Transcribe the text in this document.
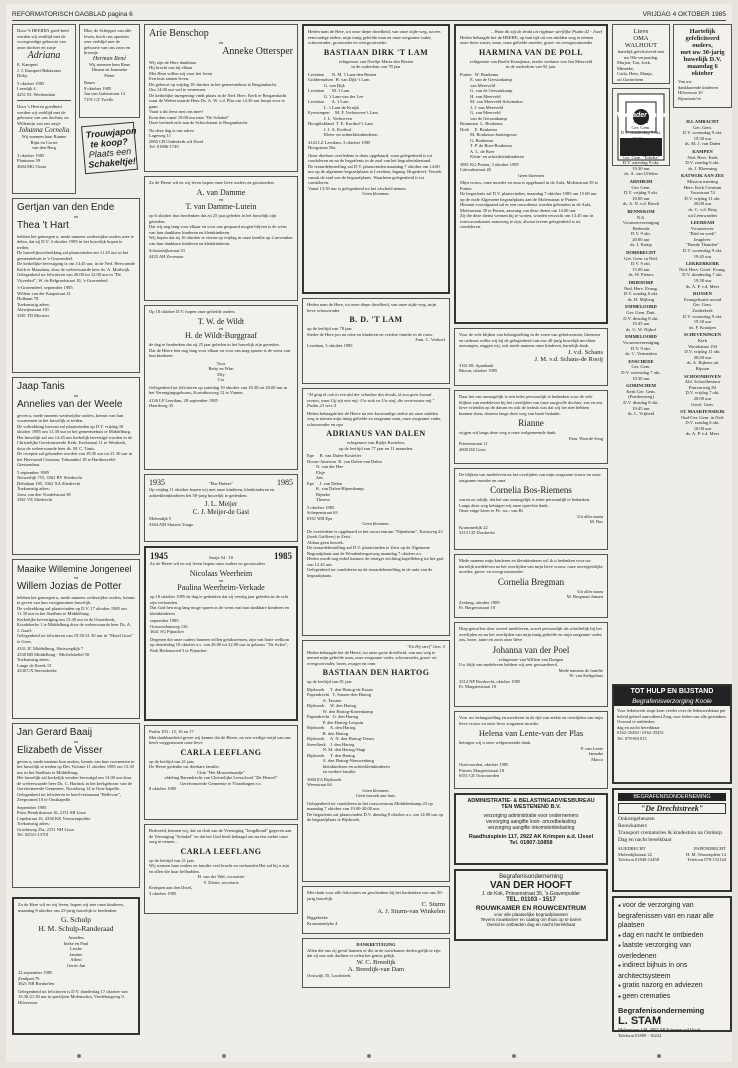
REFORMATORISCH DAGBLAD pagina 6	VRIJDAG 4 OKTOBER 1985
Door 'S HEEREN goed-heid werden wij verblijd met de voorspoedige geboorte van onze dochter en zusje
Adriana
E. Kamperi
J. J. Kamperi-Bakkeraas
Dirky
5 oktober 1985
Leerdijk 4
4251 EL Werkendam
Door 's Heeren goedheid werden wij verblijd met de geboorte van ons dochter, en Willemijn van ons zusje
Johanna Cornelia
Wij noemen haar Rianne
Rijnt en Corrie
van den Berg
3 oktober 1985
Plantsoen 59
3604 MG Oosta
Blut, de Schepper van alle leven, hoeft ons opnieuw zeer verblijd met de geboorte van ons zoon en broertje
Herman René
Wij noemen hem Rene
Dinant en Jeannette
Pieter
Baarn
9 oktober 1985
Jan van Galenstraat 14
7191 CZ Twello
Trouwjapon
te koop?
Plaats een
Schakeltje!
Gertjan van den Ende
en
Thea 't Hart
hebben het genoegen u, mede namens wederzijdse ouders mee te delen, dat zij D.V. 4 oktober 1985 in het huwelijk hopen te treden.
De huwelijksvoltrekking zal plaatsvinden om 11.45 uur in het gemeentehuis te 's-Gravendeel.
De kerkelijke bevestiging is om 14.45 uur, in de Ned. Hervormde Kerk te Maasdam, door de weleerwaarde heer ds. A. Muilwijk.
Gelegenheid tot feliciteren van 20.00 tot 22.00 uur in "De Vijverhof", W. de Belgraafstraat 10, 's-Gravendeel.
's-Gravendeel, september 1985
Willem van der Kaapstraat 31
Hofhaan 78
Toekomstig adres:
Alewijnstraat 101
3381 TD Mooster
Jaap Tanis
en
Annelies van der Weele
geven u, mede namens wederzijdse ouders, kennis van hun voornemen in het huwelijk te treden.
De voltrekking hiervan zal plaatsvinden op D.V. vrijdag 18 oktober 1985 om 13.30 uur in het gemeentehuis te Middelburg.
Het huwelijk zal om 14.45 uur kerkelijk bevestigd worden in de Christelijke Gereformeerde Kerk, Kerkstraat 11 te Westkerk, door de weleerwaarde heer ds. M. C. Tanis.
De receptie zal gehouden worden van 19.45 uur tot 21.30 uur in het Hervormd Centrum, Tolmanhof 18 te Hardinxveld-Giessendam.
5 september 1985
Niewerlijk 755, 3361 BV Sliedrecht
Deltalaan 105, 3362 XA Sliedrecht
Toekomstig adres:
Joost van den Vondelstraat 38
3361 VE Sliedrecht
Maaike Willemine Jongeneel
en
Willem Jozias de Potter
hebben het genoegen u, mede namens wederzijdse ouders, kennis te geven van hun voorgenomen huwelijk.
De voltrekking zal plaatsvinden op D.V. 17 oktober 1985 om 11.30 uur in het Stadhuis te Middelburg.
Kerkelijke bevestiging om 13.30 uur in de Oosterkerk, Koudekerke 1 te Middelburg door de weleerwaarde heer Ds. A. J. Gaaff.
Gelegenheid tot feliciteren van 19.30-21.30 uur in "Motel Goes" te Goes.
4331 JC Middelburg, Sluiswegdijk 7
4330 RB Middelburg - Michelsbeltel 50
Toekomstig adres:
Lange de Kreek 13
4330 CX Serooskerke
Jan Gerard Baaij
en
Elizabeth de Visser
geven u, mede namens hun ouders, kennis van hun voornemen in het huwelijk te treden op Dev Volonte 11 oktober 1985 om 13.30 uur in het Stadhuis te Middelburg.
Het huwelijk zal kerkelijk worden bevestigd om 14.00 uur door de weleerwaarde heer Ds. C. Harinck in het kerkgebouw van de Gereformeerde Gemeente, Noordweg 14 te Oost-kapelle.
Gelegenheid tot feliciteren in hotel-restaurant "Bellevue", Zeepromed 10 te Oostkapelle.
September 1985
Prins Hendrikstraat 16, 2151 SB Lisse
Lepelstraat 16, 4356 KK Vrouwenpolder
Toekomstig adres:
Grachtweg 25a, 2151 NH Lisse
Tel. 02521-13701
Zo de Here wil en wij leven, hopen wij met onze kinderen, maandag 8 oktober ons 25-jarig huwelijk te herdenken.
G. Schulp
H. M. Schulp-Randeraad
Annelies
Ineke en Paul
Liesbe
Jantine
Albert
Gerrit-Jan
22 september 1985
Zendpad 76
3621 NB Breukelen
Gelegenheid tot feliciteren is D.V. donderdag 17 oktober van 15.30-21.30 uur in paviljoen Molenschot, Vredeburgweg 9, Hilversum.
Arie Benschop
en
Anneke Ottersper
Wij zijn de Here dankbaar
Hij bracht ons bij elkaar
Met Hem willen wij voor het leven
Een huis samen leven.
Dit gebeurt op vrijdag 18 oktober in het gemeentehuis te Bergambacht.
Om 14.00 uur wel te vernemen.
De kerkelijke inzegening vindt plaats in de Ned. Herv. Kerk te Bergambacht waar de Weleerwaarde Heer Ds. A. W. v.d. Plas om 14.30 uur hoopt voor te gaan.
Vaart u dit feest met ons mee?
Kom dan vanaf 19.00 uur naar "De Schakel"
Deze bevindt zich aan de Schoolstraat te Bergambacht.
Na deze dag is ons adres:
Lageweg 11
2865 CB Ouderkerk a/d IJssel
Tel. 01806-1749
Zo de Heere wil en wij leven hopen onze lieve ouders en grootouders
A. van Damme
en
T. van Damme-Lutein
op 6 oktober hun herdenken dat zij 25 jaar geleden in het huwelijk zijn getreden.
Dat wij nog lang voor elkaar en voor ons gespaard mogen blijven is de wens van hun dankbare kinderen en kleinkinderen.
Wij hopen dat zij 16 oktober te vieren op vrijdag in onze familie op 2 november van hun dankbare kinderen en kleinkinderen.
Schoonbijkstraat 53
4435 AH Zevenaar
Op 18 oktober D.V. hopen onze geliefde ouders
T. W. de Wildt
en
H. de Wildt-Burggraaf
de dag te herdenken dat zij 25 jaar geleden in het huwelijk zijn getreden.
Dat de Heere hen nog lang voor elkaar en voor ons mag sparen is de wens van hun kinderen
Toos
Betty en Wim
Elly
Cor
Gelegenheid tot feliciteren op zaterdag 19 oktober van 18.30 tot 20.00 uur in het Verenigingsgebouw, Korinthosweg 12 te Vianen.
4126 LP Leerdam, 28 september 1985
Haardweg 35
1935	"Ebe Haëzer"	1985
Op vrijdag 11 oktober hopen wij met onze kinderen, kleinkinderen en achterkleinkinderen het 50-jarig huwelijk te gedenken.
J. L. Meijer
C. J. Meijer-de Gast
Molendijk 5
3364 AM Sluizen Tungo
1945	Jesaja 54 : 10	1985
Zo de Heere wil en wij leven hopen onze ouders en grootouders
Nicolaas Weerheim
en
Paulina Weerheim-Verkade
op 10 oktober 1985 de dag te gedenken dat zij veertig jaar geleden in de echt zijn verbonden.
Dat God hen nog lang moge sparen is de wens van hun dankbare kinderen en kleinkinderen
september 1985
Oostzeedamweg 136
3641 SG Pijnacker
Degenen die onze ouders hunnen willen gelukwensen, zijn van harte welkom op donderdag 10 oktober a.s. van 20.00 tot 22.00 uur in gebouw "De Acker", Park Berkenzoed 5 te Pijnacker.
Psalm 103 : 15, 16 en 17
Met dankbaarheid geven wij kennis dat de Heere, na een vredige strijd van ons heeft weggenomen onze lieve
CARLA LEEFLANG
op de leeftijd van 21 jaar.
De Heere gedenke uw dierbare familie.
Club "Het Mosterdzaadje"
afdeling Barendrecht van Christelijke Leerschool "De Heuvel"
Gereformeerde Gemeente te Vlaardingen e.o.
8 oktober 1985
Bedroefd, kennen wij, dat en club van de Vereniging "Jeugdbond" gegeven aan de Vereniging "Schakel" en dat het God heeft behaagd om na een ziekte onze zorg te nemen...
CARLA LEEFLANG
op de leeftijd van 21 jaar.
Wij wensen haar ouders en familie veel kracht en verbonden Het zal bij u zijn en allen die haar liefhadden.
H. van der Wal, voorzitter
V. Dieter, secretaris
Krimpen aan den IJssel,
3 oktober 1985
Heden nam de Here, tot onze diepe droefheid, van onze zijde weg, na een eenvoudige ziekte, mijn innig geliefde man en onze zorgzame vader, schoonvader, grootvader en overgrootvader
BASTIAAN DIRK 'T LAM
echtgenoot van Neeltje Maria den Besten
in de ouderdom van 78 jaar
Leerdam       N. M. 't Lam-den Besten
Goldermalsen  H. van Dijk-'t Lam
G. van Dijk
Leerdam       M. 't Lam
G. 't Lam-van der Lee
Leerdam       A. 't Lam
L. 't Lam-de Kruijk
Eyewimpen     M. F. Verhoeven-'t Lam
J. L. Verhoeven
Hoogblokland  T. E. Korthof-'t Lam
J. J. A. Korthof
Klein- en achterkleinkinderen
4143 LZ Leerdam, 3 oktober 1985
Hoogstraat 56a
Onze dierbare overledene is thuis opgebaard, waar gelegenheid is tot condoleren en na de begrafenis in de zaal van het begrafenisbestand.
De teraardebestelling zal D.V. plaatsvinden maandag 7 oktober om 14.00 uur op de algemene begraafplaats te Leerdam, Ingang: Hogedreef. Vertrek vanuit de zaal van de begraafplaats. Waarheen gelegenheid is tot condoleren.
Vanaf 13.30 uur is gelegenheid tot het afscheid nemen.
Geen bloemen.
Heden nam de Here, tot onze diepe droefheid, van onze zijde weg, mijn lieve schoonvader
B. D. 'T LAM
op de leeftijd van 78 jaar
Sterke de Here jou nu reise en kinderen en verdere familie in de rouw.
Fam. C. Verhoef
Leerdam, 3 oktober 1985
"Al ging ik ook in een dal der schaduw des doods, ik zou geen kwaad vrezen, want Gij zijt met mij: Uw stok en Uw staf, die vertroosten mij."
Psalm 23 vers 4
Heden behaagde het de Heere na een korstondige ziekte uit onze midden weg te nemen mijn innig geliefde en zorgzame man, onze zorgzame vader, schoonvader en opa
ADRIANUS VAN DALEN
echtgenoot van Rijdje Kostelier,
op de leeftijd van 77 jaar en 11 maanden.
Epe     R. van Dalen-Kostelier
Doorn-Amerom  R. van Dalen-van Dalen
N. van der Hee
Elsje
Ans
Epe     J. van Dalen
K. van Dalen-Hijnenkamp
Rijneke
Therese
3 oktober 1985
Schepenstraat 63
8161 WB Epe
Geen bloemen.
De overledene is opgebaard in het rouwcentrum "Nijenheim", Kruisweg 23 (hoek Griffieer) te Zeist.
Aldaar geen bezoek.
De teraardebestelling zal D.V. plaatsvinden te Zeist op de Algemene Begraafplaats aan de Woudenbergseweg maandag 7 oktober a.s.
Heden wordt nog enkel kantoor de reiziger stichting kapelleberg tot het graf van 12.45 uur.
Gelegenheid tot condoleren na de teraardebestelling in de aula van de begraafplaats.
"En Hij sterf" Gen. 5
Heden behaagde het de Heere, tot onze grote droefheid, van ons weg te nemen mijn geliefde man, onze zorgzame vader, schoonvader, groot- en overgrootvader, broer, zwager en oom
BASTIAAN DEN HARTOG
op de leeftijd van 81 jaar
Rijsbroek     T. den Hartog-de Kraan
Papendrecht   T. Sassen-den Hartog
A. Tassner
Rijsbroek     W. den Hartog
W. den Hartog-Kortenkamp
Papendrecht   G. den Hartog
P. den Hartog-Lesquin
Rijsbroek     A. den Hartog
R. den Hartog
Rijsbroek     A. N. den Hartog-Teeuw
Streefkerk    J. den Hartog
N. M. den Hartog-Slagt
Rijsbroek     T. den Hartog
A. den Hartog-Nieuwenburg
kleinkinderen en achterkleinkinderen
en verdere familie
3060 EA Rijsbroek
Weerstraat 64
Geen bloemen.
Geen bezoek aan huis.
Gelegenheid tot condoleren in het rouwcentrum Middelenkamp 23 op maandag 7 oktober van 19.00-20.00 uur.
De begrafenis zal plaatsvinden D.V. dinsdag 8 oktober a.s. om 14.00 uur op de begraafplaats te Rijsbroek.
Met dank voor alle felicitaties en geschenken bij het herdenken van ons 50-jarig huwelijk.
C. Sturm
A. J. Sturm-van Winkelen
Riggekerke
Krommendyke 4
DANKBETUIGING
Allen die ons zij geval hunnen of die in de rouwkamer deden gelijk te zijn dat zij ons ook dachten er velen het gemis gelijk.
W. C. Breedijk
A. Breedijk-van Dam
Oostwijk 35, Loosbroek
...Want dit zijt de drukt uit rijgbaar sterflijke Psalm 42 - Jozef
Heden behaagde het de HEERE, op hun tijd uit ons midden weg te nemen onze lieve zuster, tante, onze geliefde moeder, groot- en overgrootmoeder
HARMINA VAN DE POLL
echtgenote van Roelie Kraaijema, eerder weduwe van Jan Meerveld
in de ouderdom van 92 jaar.
Putten   W. Boukema
E. van de Gerssinkamp
van Meerveld
G. van de Gerssinkamp
H. van Meerveld
M. van Meerveld-Schomaker
J. J. van Meerveld
G. van Meerveld
van de Gerssinkamp
Brummen  L. Boukema
Doth     E. Boukema
M. Boukema-Jonkergouw
G. Boukema
T. P. de Boer-Boukema
A. L. de Boer
Klein- en achterkleinkinderen
3881 KG Putten, 3 oktober 1985
Calorathstraat 40
Geen bloemen
Mijn vrouw, onze moeder en oma is opgebaard in de Aula, Molenstraat 39 te Putten.
De begrafenis zal D.V. plaatsvinden, maandag 7 oktober 1985 om 15.00 uur op de oude Algemene begraafplaats aan de Molenstraat te Putten.
Hieraan voorafgaand zal er een rouwdienst worden gehouden in de Aula, Molenstraat 39 te Putten, aanvang van deze dienst om 14.00 uur.
Zij die deze dienst wensen bij te wonen, worden verzocht om 13.45 uur in rouwwoonkamer aanwezig te zijn, alwaar tevens gelegenheid is tot condoleren.
Voor de vele blijken van belangstelling in de vorm van gelukwensen, bloemen en cadeaus welke wij bij de gelegenheid van ons 40-jarig huwelijk mochten ontvangen, zeggen wij, ook mede namens onze kinderen, hartelijk dank.
J. v.d. Schans
J. M. v.d. Schans-de Rooij
3161 RL Spanhaak
Rhoon, oktober 1985
Daar het ons onmogelijk is een ieder persoonlijk te bedanken voor de vele blijken van medeleven bij het overlijden van onze zorgvolle dochter, zus en ons lieve vriendin op de datum en ook de indruk was dat wij het niet hebben kunnen doen, daarom langs deze weg van harte bedankt.
Rianne
wijgen wij langs deze weg u onze welgemeende dank.
Fam. Woerde-Jong
Prinsenstraat 11
4900 DZ Goes
De blijken van medeleven na het overlijden van mijn zorgzame vrouw en onze zorgzame moeder en oma
Cornelia Bos-Riemens
waren zo talrijk, dat het ons onmogelijk is ieder persoonlijk te bedanken.
Langs deze weg betuigen wij onze oprechte dank.
Onze enige broer te Pe. wa.: van Ri
Uit aller naam
M. Bos
Krommedijk 22
3313 CD Dordrecht
Mede namens mijn kinderen en kleinkinderen wil ik u bedanken voor uw hartelijk medeleven na het overlijden van mijn lieve vrouw, onze onvergetelijke moeder, groot- en overgrootmoeder
Cornelia Bregman
Uit aller naam
M. Bregman-Jansen
Zeeberg, oktober 1985
Fr. Hargerustraat 10
Diep getroffen door zoveel medeleven, zowel persoonlijk als schriftelijk bij het overlijden en na het overlijden van mijn innig geliefde en mijn zorgzame vader, zus, broer, tante en zoon onze lieve
Johanna van der Poel
echtgenote van Willem van Dongen
Uw blijk van medeleven hebben wij zeer gewaardeerd.
Mede namens de familie
W. van Steltgehuis
3314 NP Dordrecht, oktober 1985
Pr. Margrietstraat 18
Voor uw belangstelling en meeleven in de tijd van ziekte en overlijden van mijn lieve vrouw en onze lieve zorgzame moeder
Helena van Lente-van der Plas
betuigen wij u onze welgemeende dank.
P. van Lente
Jannake
Marco
Oostvoorden, oktober 1985
Prinses Margrietstraat 18
6551 CE Oostvoorden
ADMINISTRATIE- & BELASTINGADVIESBUREAU
TEN WESTENEND B.V.
verzorging administratie voor ondernemers
verzorging aangifte loon- omzetbelasting
verzorging aangifte inkomstenbelasting
Raadhuisplein 117, 2922 AK Krimpen a.d. IJssel
Tel. 01807-10858
Begrafenisonderneming
VAN DER HOOFT
J. de Kok, Prinsenstraat 35, 's-Gravenpolder
TEL. 01103 - 1517
ROUWKAMER EN ROUWCENTRUM
voor alle plaatselijke begraafplaatsen
Tevens rouwkamer en caalog om thuis op te baren
Overal te ontbieden dag en nacht bereikbaar
Lieve
OMA WALHOUT
hartelijk gefeliciteerd met uw 90e verjaardag.
Marjon, Ton, Joek, Minneke,
Carla, Hein, Manja,
uit Gorinchem
Vergader varia
Hartelijk
gefeliciteerd ouders,
met uw 30-jarig
huwelijk D.V.
maandag 6 oktober
Van uw
dankbarende kinderen
Hilversum 30
Rijnstraat/ve
AALST
Ger. Gem.
D.V. donderdag 9 okt.
19.30 uur
ds. C. v.d. Poel
ALBLASSERDAM
Ger. Gem. "Eikelta"
D.V. zaterdag 9 okt.
19.30 uur
ds. A. van Uffelen
ARNHEIM
Ger. Gem.
D.V. vrijdag 9 okt.
10.00 uur
ds. A. N. v.d. Bosch
BENNEKOM
N.S.
Vrouwenvereniging
Bethesda
D.V. 9 okt.
20.00 uur
ds. J. Kamp
DORDRECHT
Ger. Gem. in Ned.
D.V. 9 okt.
15.00 uur
ds. W. Pieters
DRIEDORP
Ned. Herv. Evang.
D.V. zondag 6 okt.
ds. H. Mijberg
EMMELOORD
Ger. Gem. Duit.
D.V. dinsdag 8 okt.
19.45 uur
ds. G. W. Nijhof
EMMELOORD
Vrouwenvereniging
D.V. 9 okt.
ds. C. Vermeulen
ENSCHEDE
Ger. Gem.
D.V. woensdag 7 okt.
19.30 uur
GORINCHEM
Kerk Ger. Gem.
(Fuerbenweg)
D.V. dinsdag 8 okt.
19.45 uur
ds. L. Vrijheid
H.I. AMBACHT
Ger. Gem.
D.V. woensdag 9 okt.
19.30 uur
ds. M. J. van Dalen
KAMPEN
Ned. Herv. Kerk
D.V. zondag 6 okt.
ds. J. Bloeming
KATWIJK AAN ZEE
Mission meeting
Herv. Kerk Centrum
Voorstraat 74
D.V. vrijdag 11 okt.
20.00 uur
ds. C. v.d. Berg
uit Leeuwarden
LEERDAM
Vrouwenver.
"Biid en werk"
Jeugdver.
"Bonde Thanden"
D.V. woensdag 9 okt.
19.45 uur
LEKKERKERK
Ned. Herv. Geref. Evang.
D.V. donderdag 7 okt.
19.30 uur
ds. A. P. v.d. Meer
RIJSSEN
Evangelisatie avond
Ger. Gem.
Zuiderkerk
D.V. woensdag 9 okt.
19.30 uur
ds. F. Kraaijen
SCHEVENINGEN
Kerk
Woudstraat 194
D.V. vrijdag 11 okt.
20.00 uur
ds. A. Rijkens uit
Rijssen
SCHOONHOVEN
Ald. Schoolbestuur
Pastoorweg 84
D.V. vrijdag 7 okt.
20.00 uur
Geref. Gem.
ST. MAARTENSDIJK
Oud-Ger. Gem. in Ned.
D.V. zondag 6 okt.
10.00 uur
ds. A. P. v.d. Meer
TOT HULP EN BIJSTAND
Begrafenisverzorging Koole
Voor ledenwerk stopt kom verder over de ledenwerkkast per beleid geheel aanvullend Zorg voor leden van alle gezindten.
Overeal te ontbieden
dag en nacht bereikbaar
0162-35450 / 0162-35451
Tel. 078-001015
BEGRAFENISONDERNEMING
"De Drechtstreek"
Onkostgeheuzen
Rouwkamers
Transport crematories & kindestuin na Ostdorp
Dag en nacht bereikbaar
SLIEDRECHT
Molendijkstraat 22
Telefoon 01840-12458
PAPENDRECHT
H. M. Wassenplein 14
Telefoon 078-152144
● voor de verzorging van begrafenissen van en naar alle plaatsen
● dag en nacht te ontbieden
● laatste verzorging van overledenen
● indirect bijhuis in ons architectsysteem
● gratis nazorg en adviezen
● geen crematies
Begrafenisonderneming
L. STAM
Molenstraat 148, 2907 AP Krimpen a/d IJssel
Telefoon 01809 - 16222
